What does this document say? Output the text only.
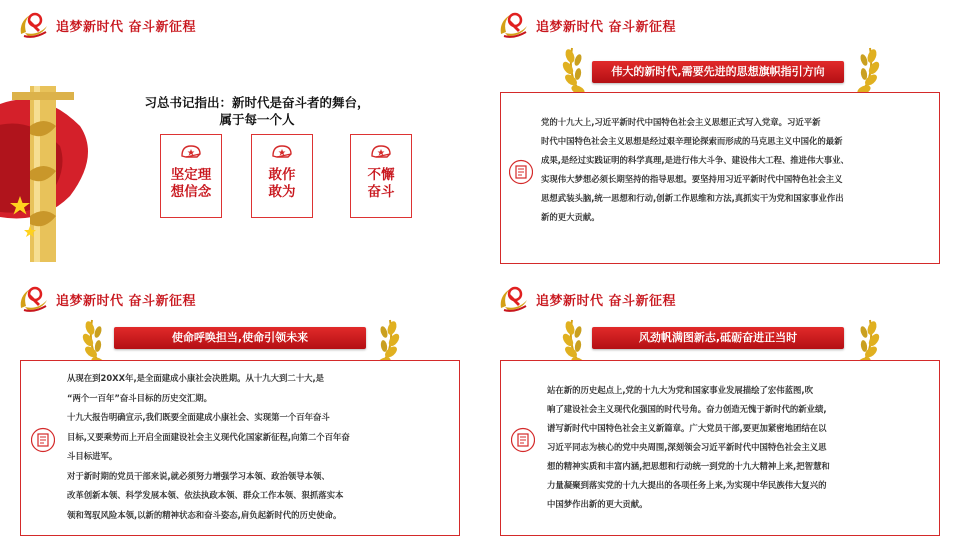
追梦新时代 奋斗新征程
习总书记指出：新时代是奋斗者的舞台，
属于每一个人
坚定理
想信念
敢作
敢为
不懈
奋斗
追梦新时代 奋斗新征程
伟大的新时代,需要先进的思想旗帜指引方向
党的十九大上,习近平新时代中国特色社会主义思想正式写入党章。习近平新
时代中国特色社会主义思想是经过艰辛理论探索而形成的马克思主义中国化的最新
成果,是经过实践证明的科学真理,是进行伟大斗争、建设伟大工程、推进伟大事业、
实现伟大梦想必须长期坚持的指导思想。要坚持用习近平新时代中国特色社会主义
思想武装头脑,统一思想和行动,创新工作思维和方法,真抓实干为党和国家事业作出
新的更大贡献。
追梦新时代 奋斗新征程
使命呼唤担当,使命引领未来
从现在到20XX年,是全面建成小康社会决胜期。从十九大到二十大,是
“两个一百年”奋斗目标的历史交汇期。
十九大报告明确宣示,我们既要全面建成小康社会、实现第一个百年奋斗
目标,又要乘势而上开启全面建设社会主义现代化国家新征程,向第二个百年奋
斗目标进军。
对于新时期的党员干部来说,就必须努力增强学习本领、政治领导本领、
改革创新本领、科学发展本领、依法执政本领、群众工作本领、狠抓落实本
领和驾驭风险本领,以新的精神状态和奋斗姿态,肩负起新时代的历史使命。
追梦新时代 奋斗新征程
风劲帆满图新志,砥砺奋进正当时
站在新的历史起点上,党的十九大为党和国家事业发展描绘了宏伟蓝图,吹
响了建设社会主义现代化强国的时代号角。奋力创造无愧于新时代的新业绩,
谱写新时代中国特色社会主义新篇章。广大党员干部,要更加紧密地团结在以
习近平同志为核心的党中央周围,深刻领会习近平新时代中国特色社会主义思
想的精神实质和丰富内涵,把思想和行动统一到党的十九大精神上来,把智慧和
力量凝聚到落实党的十九大提出的各项任务上来,为实现中华民族伟大复兴的
中国梦作出新的更大贡献。
